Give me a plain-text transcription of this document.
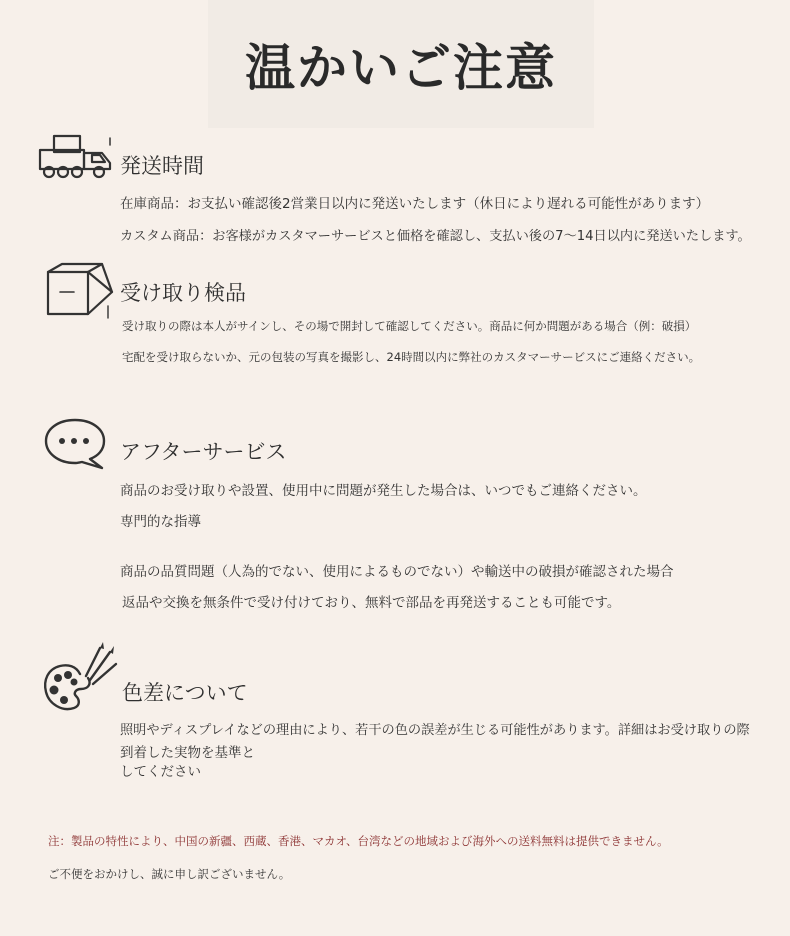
温かいご注意
発送時間
在庫商品：お支払い確認後2営業日以内に発送いたします（休日により遅れる可能性があります）
カスタム商品：お客様がカスタマーサービスと価格を確認し、支払い後の7〜14日以内に発送いたします。
受け取り検品
受け取りの際は本人がサインし、その場で開封して確認してください。商品に何か問題がある場合（例：破損）
宅配を受け取らないか、元の包装の写真を撮影し、24時間以内に弊社のカスタマーサービスにご連絡ください。
アフターサービス
商品のお受け取りや設置、使用中に問題が発生した場合は、いつでもご連絡ください。
専門的な指導
商品の品質問題（人為的でない、使用によるものでない）や輸送中の破損が確認された場合
返品や交換を無条件で受け付けており、無料で部品を再発送することも可能です。
色差について
照明やディスプレイなどの理由により、若干の色の誤差が生じる可能性があります。詳細はお受け取りの際
到着した実物を基準と
してください
注：製品の特性により、中国の新疆、西蔵、香港、マカオ、台湾などの地域および海外への送料無料は提供できません。
ご不便をおかけし、誠に申し訳ございません。
